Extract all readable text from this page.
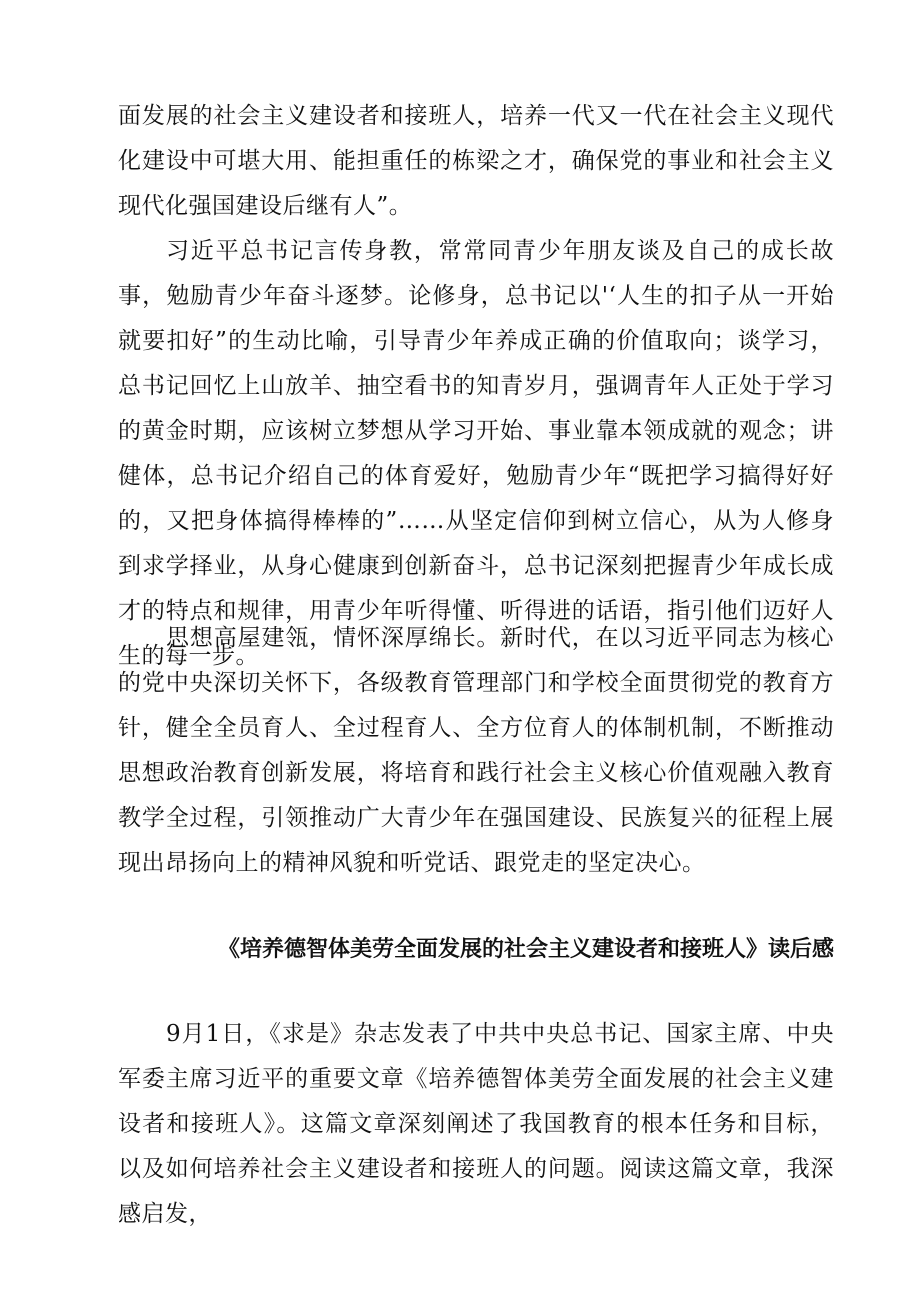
面发展的社会主义建设者和接班人，培养一代又一代在社会主义现代化建设中可堪大用、能担重任的栋梁之才，确保党的事业和社会主义现代化强国建设后继有人”。

习近平总书记言传身教，常常同青少年朋友谈及自己的成长故事，勉励青少年奋斗逐梦。论修身，总书记以'‘人生的扣子从一开始就要扣好”的生动比喻，引导青少年养成正确的价值取向；谈学习，总书记回忆上山放羊、抽空看书的知青岁月，强调青年人正处于学习的黄金时期，应该树立梦想从学习开始、事业靠本领成就的观念；讲健体，总书记介绍自己的体育爱好，勉励青少年“既把学习搞得好好的，又把身体搞得棒棒的”……从坚定信仰到树立信心，从为人修身到求学择业，从身心健康到创新奋斗，总书记深刻把握青少年成长成才的特点和规律，用青少年听得懂、听得进的话语，指引他们迈好人生的每一步。

思想高屋建瓴，情怀深厚绵长。新时代，在以习近平同志为核心的党中央深切关怀下，各级教育管理部门和学校全面贯彻党的教育方针，健全全员育人、全过程育人、全方位育人的体制机制，不断推动思想政治教育创新发展，将培育和践行社会主义核心价值观融入教育教学全过程，引领推动广大青少年在强国建设、民族复兴的征程上展现出昂扬向上的精神风貌和听党话、跟党走的坚定决心。

《培养德智体美劳全面发展的社会主义建设者和接班人》读后感

9月1日，《求是》杂志发表了中共中央总书记、国家主席、中央军委主席习近平的重要文章《培养德智体美劳全面发展的社会主义建设者和接班人》。这篇文章深刻阐述了我国教育的根本任务和目标，以及如何培养社会主义建设者和接班人的问题。阅读这篇文章，我深感启发，
